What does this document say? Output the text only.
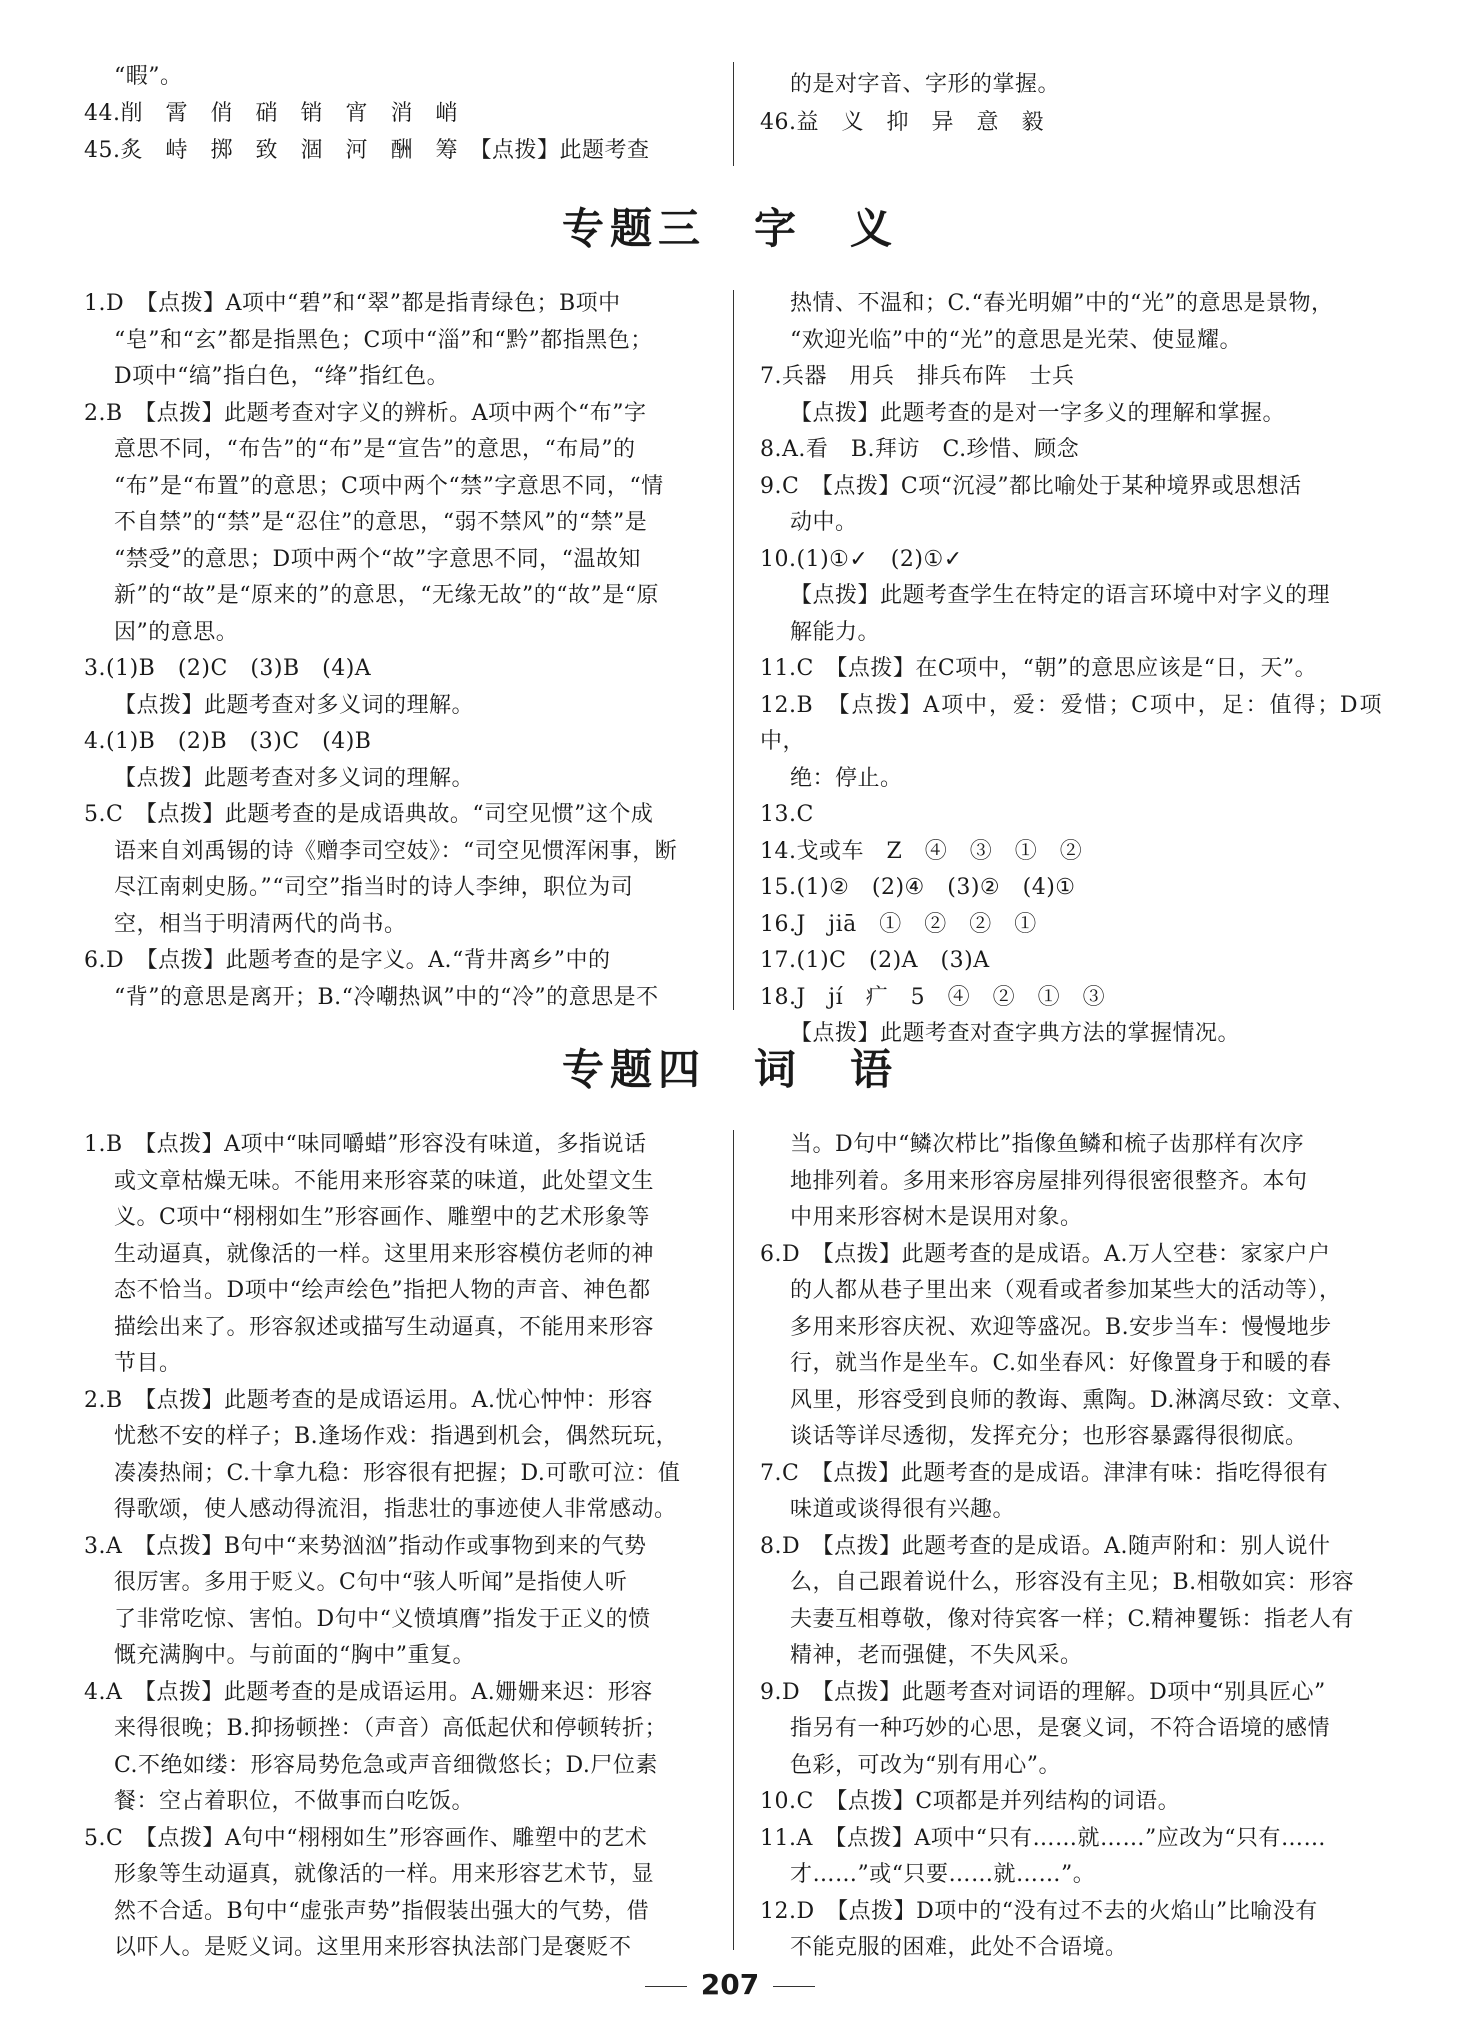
“暇”。

44.削　霄　俏　硝　销　宵　消　峭

45.炙　峙　掷　致　涸　河　酬　筹　【点拨】此题考查

的是对字音、字形的掌握。

46.益　义　抑　异　意　毅

专题三　字　义

1.D　【点拨】A项中“碧”和“翠”都是指青绿色；B项中

“皂”和“玄”都是指黑色；C项中“淄”和“黔”都指黑色；

D项中“缟”指白色，“绛”指红色。

2.B　【点拨】此题考查对字义的辨析。A项中两个“布”字

意思不同，“布告”的“布”是“宣告”的意思，“布局”的

“布”是“布置”的意思；C项中两个“禁”字意思不同，“情

不自禁”的“禁”是“忍住”的意思，“弱不禁风”的“禁”是

“禁受”的意思；D项中两个“故”字意思不同，“温故知

新”的“故”是“原来的”的意思，“无缘无故”的“故”是“原

因”的意思。

3.(1)B　(2)C　(3)B　(4)A

【点拨】此题考查对多义词的理解。

4.(1)B　(2)B　(3)C　(4)B

【点拨】此题考查对多义词的理解。

5.C　【点拨】此题考查的是成语典故。“司空见惯”这个成

语来自刘禹锡的诗《赠李司空妓》：“司空见惯浑闲事，断

尽江南刺史肠。”“司空”指当时的诗人李绅，职位为司

空，相当于明清两代的尚书。

6.D　【点拨】此题考查的是字义。A.“背井离乡”中的

“背”的意思是离开；B.“冷嘲热讽”中的“冷”的意思是不

热情、不温和；C.“春光明媚”中的“光”的意思是景物，

“欢迎光临”中的“光”的意思是光荣、使显耀。

7.兵器　用兵　排兵布阵　士兵

【点拨】此题考查的是对一字多义的理解和掌握。

8.A.看　B.拜访　C.珍惜、顾念

9.C　【点拨】C项“沉浸”都比喻处于某种境界或思想活

动中。

10.(1)①✓　(2)①✓

【点拨】此题考查学生在特定的语言环境中对字义的理

解能力。

11.C　【点拨】在C项中，“朝”的意思应该是“日，天”。

12.B　【点拨】A项中，爱：爱惜；C项中，足：值得；D项中，

绝：停止。

13.C

14.戈或车　Z　④　③　①　②

15.(1)②　(2)④　(3)②　(4)①

16.J　jiā　①　②　②　①

17.(1)C　(2)A　(3)A

18.J　jí　疒　5　④　②　①　③

【点拨】此题考查对查字典方法的掌握情况。

专题四　词　语

1.B　【点拨】A项中“味同嚼蜡”形容没有味道，多指说话

或文章枯燥无味。不能用来形容菜的味道，此处望文生

义。C项中“栩栩如生”形容画作、雕塑中的艺术形象等

生动逼真，就像活的一样。这里用来形容模仿老师的神

态不恰当。D项中“绘声绘色”指把人物的声音、神色都

描绘出来了。形容叙述或描写生动逼真，不能用来形容

节目。

2.B　【点拨】此题考查的是成语运用。A.忧心忡忡：形容

忧愁不安的样子；B.逢场作戏：指遇到机会，偶然玩玩，

凑凑热闹；C.十拿九稳：形容很有把握；D.可歌可泣：值

得歌颂，使人感动得流泪，指悲壮的事迹使人非常感动。

3.A　【点拨】B句中“来势汹汹”指动作或事物到来的气势

很厉害。多用于贬义。C句中“骇人听闻”是指使人听

了非常吃惊、害怕。D句中“义愤填膺”指发于正义的愤

慨充满胸中。与前面的“胸中”重复。

4.A　【点拨】此题考查的是成语运用。A.姗姗来迟：形容

来得很晚；B.抑扬顿挫：（声音）高低起伏和停顿转折；

C.不绝如缕：形容局势危急或声音细微悠长；D.尸位素

餐：空占着职位，不做事而白吃饭。

5.C　【点拨】A句中“栩栩如生”形容画作、雕塑中的艺术

形象等生动逼真，就像活的一样。用来形容艺术节，显

然不合适。B句中“虚张声势”指假装出强大的气势，借

以吓人。是贬义词。这里用来形容执法部门是褒贬不

当。D句中“鳞次栉比”指像鱼鳞和梳子齿那样有次序

地排列着。多用来形容房屋排列得很密很整齐。本句

中用来形容树木是误用对象。

6.D　【点拨】此题考查的是成语。A.万人空巷：家家户户

的人都从巷子里出来（观看或者参加某些大的活动等），

多用来形容庆祝、欢迎等盛况。B.安步当车：慢慢地步

行，就当作是坐车。C.如坐春风：好像置身于和暖的春

风里，形容受到良师的教诲、熏陶。D.淋漓尽致：文章、

谈话等详尽透彻，发挥充分；也形容暴露得很彻底。

7.C　【点拨】此题考查的是成语。津津有味：指吃得很有

味道或谈得很有兴趣。

8.D　【点拨】此题考查的是成语。A.随声附和：别人说什

么，自己跟着说什么，形容没有主见；B.相敬如宾：形容

夫妻互相尊敬，像对待宾客一样；C.精神矍铄：指老人有

精神，老而强健，不失风采。

9.D　【点拨】此题考查对词语的理解。D项中“别具匠心”

指另有一种巧妙的心思，是褒义词，不符合语境的感情

色彩，可改为“别有用心”。

10.C　【点拨】C项都是并列结构的词语。

11.A　【点拨】A项中“只有……就……”应改为“只有……

才……”或“只要……就……”。

12.D　【点拨】D项中的“没有过不去的火焰山”比喻没有

不能克服的困难，此处不合语境。

207
